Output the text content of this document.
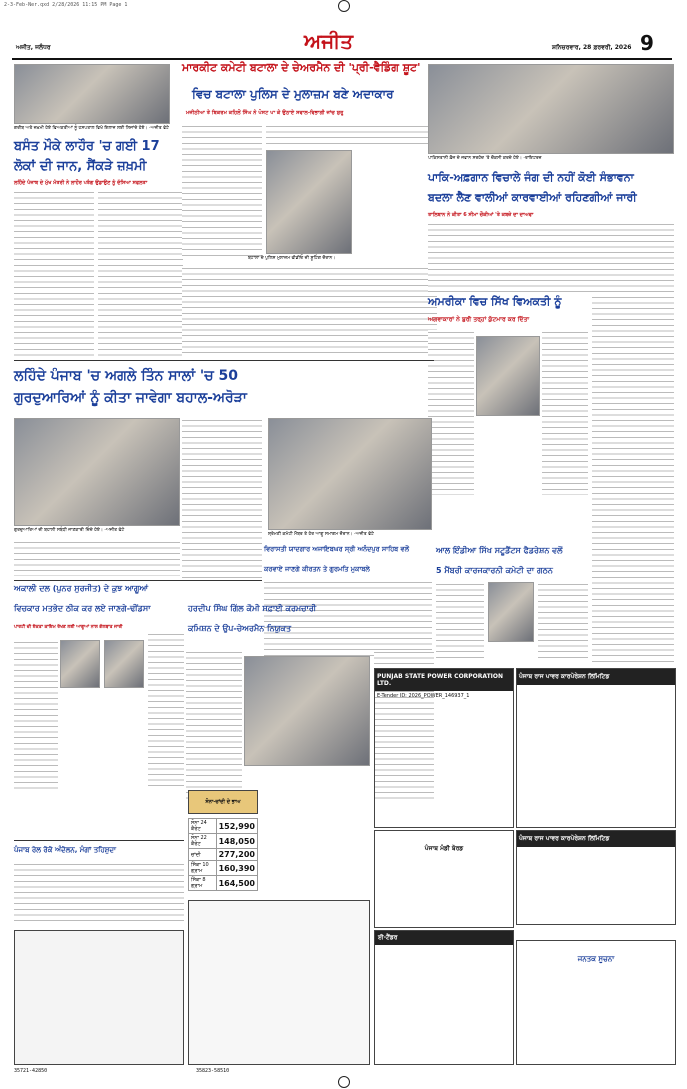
2-3-Feb-Ner.qxd 2/28/2026 11:15 PM Page 1
ਅਜੀਤ, ਜਲੰਧਰ	ਅਜੀਤ	ਸ਼ਨਿਚਰਵਾਰ, 28 ਫ਼ਰਵਰੀ, 2026 9
ਗਰੀਬ ਅਤੇ ਜ਼ਖ਼ਮੀ ਹੋਏ ਵਿਅਕਤੀਆਂ ਨੂੰ ਹਸਪਤਾਲ ਵਿਖੇ ਇਲਾਜ ਲਈ ਲਿਜਾਂਦੇ ਹੋਏ। -ਅਜੀਤ ਫੋਟੋ
ਬਸੰਤ ਮੌਕੇ ਲਾਹੌਰ 'ਚ ਗਈ 17
ਲੋਕਾਂ ਦੀ ਜਾਨ, ਸੈਂਕੜੇ ਜ਼ਖ਼ਮੀ
ਲਹਿੰਦੇ ਪੰਜਾਬ ਦੇ ਮੁੱਖ ਮੰਤਰੀ ਨੇ ਲਾਹੌਰ ਪਤੰਗ ਉਡਾਉਣ ਨੂੰ ਦੱਸਿਆ ਸਫਲਤਾ
ਮਾਰਕੀਟ ਕਮੇਟੀ ਬਟਾਲਾ ਦੇ ਚੇਅਰਮੈਨ ਦੀ 'ਪ੍ਰੀ-ਵੈਡਿੰਗ ਸ਼ੂਟ'
ਵਿਚ ਬਟਾਲਾ ਪੁਲਿਸ ਦੇ ਮੁਲਾਜ਼ਮ ਬਣੇ ਅਦਾਕਾਰ
ਮਜੀਠੀਆ ਤੇ ਬਿਕਰਮ ਕਹਿਲੋਂ ਸਿੰਘ ਨੇ ਪੋਸਟ ਪਾ ਕੇ ਉਠਾਏ ਸਵਾਲ-ਵਿਭਾਗੀ ਜਾਂਚ ਸ਼ੁਰੂ
ਬਟਾਲਾ ਦੇ ਪੁਲਿਸ ਮੁਲਾਜ਼ਮ ਵੀਡੀਓ ਦੀ ਸ਼ੂਟਿੰਗ ਦੌਰਾਨ।
ਪਾਕਿਸਤਾਨੀ ਫ਼ੌਜ ਦੇ ਜਵਾਨ ਸਰਹੱਦ 'ਤੇ ਚੌਕਸੀ ਕਰਦੇ ਹੋਏ। -ਰਾਇਟਰਜ਼
ਪਾਕਿ-ਅਫ਼ਗਾਨ ਵਿਚਾਲੇ ਜੰਗ ਦੀ ਨਹੀਂ ਕੋਈ ਸੰਭਾਵਨਾ
ਬਦਲਾ ਲੈਣ ਵਾਲੀਆਂ ਕਾਰਵਾਈਆਂ ਰਹਿਣਗੀਆਂ ਜਾਰੀ
ਤਾਲਿਬਾਨ ਨੇ ਕੀਤਾ 6 ਸੀਮਾ ਚੌਕੀਆਂ 'ਤੇ ਕਬਜ਼ੇ ਦਾ ਦਾਅਵਾ
ਅਮਰੀਕਾ ਵਿਚ ਸਿੱਖ ਵਿਅਕਤੀ ਨੂੰ
ਅਗਵਾਕਾਰਾਂ ਨੇ ਬੁਰੀ ਤਰ੍ਹਾਂ ਕੁੱਟਮਾਰ ਕਰ ਦਿੱਤਾ
ਲਹਿੰਦੇ ਪੰਜਾਬ 'ਚ ਅਗਲੇ ਤਿੰਨ ਸਾਲਾਂ 'ਚ 50
ਗੁਰਦੁਆਰਿਆਂ ਨੂੰ ਕੀਤਾ ਜਾਵੇਗਾ ਬਹਾਲ-ਅਰੋੜਾ
ਗੁਰਦੁਆਰਿਆਂ ਦੀ ਬਹਾਲੀ ਸਬੰਧੀ ਜਾਣਕਾਰੀ ਦਿੰਦੇ ਹੋਏ। -ਅਜੀਤ ਫੋਟੋ
ਸ਼੍ਰੋਮਣੀ ਕਮੇਟੀ ਮੈਂਬਰ ਤੇ ਹੋਰ ਆਗੂ ਸਮਾਗਮ ਦੌਰਾਨ। -ਅਜੀਤ ਫੋਟੋ
ਵਿਰਾਸਤੀ ਯਾਦਗਾਰ ਅਜਾਇਬਘਰ ਸ੍ਰੀ ਅਨੰਦਪੁਰ ਸਾਹਿਬ ਵਲੋਂ
ਕਰਵਾਏ ਜਾਣਗੇ ਕੀਰਤਨ ਤੇ ਗੁਰਮਤਿ ਮੁਕਾਬਲੇ
ਆਲ ਇੰਡੀਆ ਸਿੱਖ ਸਟੂਡੈਂਟਸ ਫੈਡਰੇਸ਼ਨ ਵਲੋਂ
5 ਮੈਂਬਰੀ ਕਾਰਜਕਾਰਨੀ ਕਮੇਟੀ ਦਾ ਗਠਨ
ਅਕਾਲੀ ਦਲ (ਪੁਨਰ ਸੁਰਜੀਤ) ਦੇ ਕੁਝ ਆਗੂਆਂ
ਵਿਚਕਾਰ ਮਤਭੇਦ ਠੀਕ ਕਰ ਲਏ ਜਾਣਗੇ-ਢੀਂਡਸਾ
ਪਾਰਟੀ ਦੀ ਏਕਤਾ ਕਾਇਮ ਰੱਖਣ ਲਈ ਆਗੂਆਂ ਨਾਲ ਗੱਲਬਾਤ ਜਾਰੀ
ਹਰਦੀਪ ਸਿੰਘ ਗਿੱਲ ਕੌਮੀ ਸਫ਼ਾਈ ਕਰਮਚਾਰੀ
ਕਮਿਸ਼ਨ ਦੇ ਉਪ-ਚੇਅਰਮੈਨ ਨਿਯੁਕਤ
PUNJAB STATE POWER CORPORATION LTD.
E-Tender ID: 2026_POWER_146937_1
ਪੰਜਾਬ ਰਾਜ ਪਾਵਰ ਕਾਰਪੋਰੇਸ਼ਨ ਲਿਮਿਟਿਡ
ਪੰਜਾਬ ਰਾਜ ਪਾਵਰ ਕਾਰਪੋਰੇਸ਼ਨ ਲਿਮਿਟਿਡ
ਸੋਨਾ-ਚਾਂਦੀ ਦੇ ਭਾਅ
ਸੋਨਾ 24 ਕੈਰੇਟ	152,990
ਸੋਨਾ 22 ਕੈਰੇਟ	148,050
ਚਾਂਦੀ	277,200
ਸਿੱਕਾ 10 ਗ੍ਰਾਮ	160,390
ਸਿੱਕਾ 8 ਗ੍ਰਾਮ	164,500
ਪੰਜਾਬ ਰੇਲ ਰੋਕੋ ਅੰਦੋਲਨ, ਮੰਗਾਂ ਤਹਿਸ਼ੁਦਾ
ਈ-ਟੈਂਡਰ
ਪੰਜਾਬ ਮੰਡੀ ਬੋਰਡ
ਜਨਤਕ ਸੂਚਨਾ
35721-42850	35823-58510
